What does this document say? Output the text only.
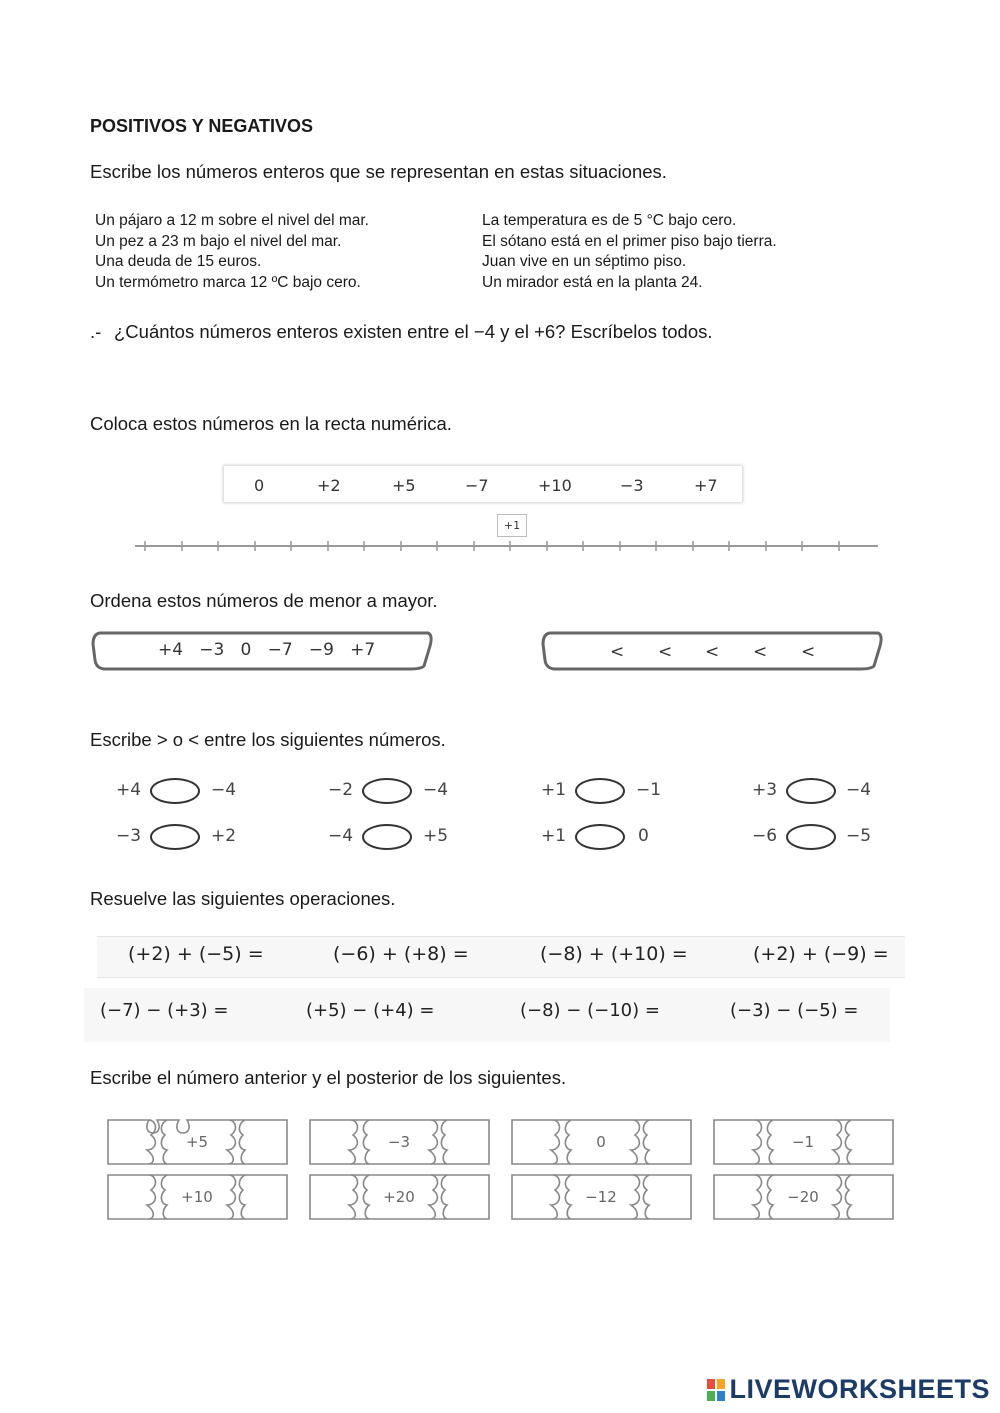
POSITIVOS Y NEGATIVOS
Escribe los números enteros que se representan en estas situaciones.
Un pájaro a 12 m sobre el nivel del mar.
Un pez a 23 m bajo el nivel del mar.
Una deuda de 15 euros.
Un termómetro marca 12 ºC bajo cero.
La temperatura es de 5 °C bajo cero.
El sótano está en el primer piso bajo tierra.
Juan vive en un séptimo piso.
Un mirador está en la planta 24.
.- ¿Cuántos números enteros existen entre el −4 y el +6? Escríbelos todos.
Coloca estos números en la recta numérica.
0	+2	+5	−7	+10	−3	+7
+1
Ordena estos números de menor a mayor.
+4   −3   0   −7   −9   +7	< < < < <
Escribe > o < entre los siguientes números.
+4	−4	−2	−4	+1	−1	+3	−4
−3	+2	−4	+5	+1	0	−6	−5
Resuelve las siguientes operaciones.
(+2) + (−5) =	(−6) + (+8) =	(−8) + (+10) =	(+2) + (−9) =
(−7) − (+3) =	(+5) − (+4) =	(−8) − (−10) =	(−3) − (−5) =
Escribe el número anterior y el posterior de los siguientes.
+5	−3	0	−1
+10	+20	−12	−20
LIVEWORKSHEETS
